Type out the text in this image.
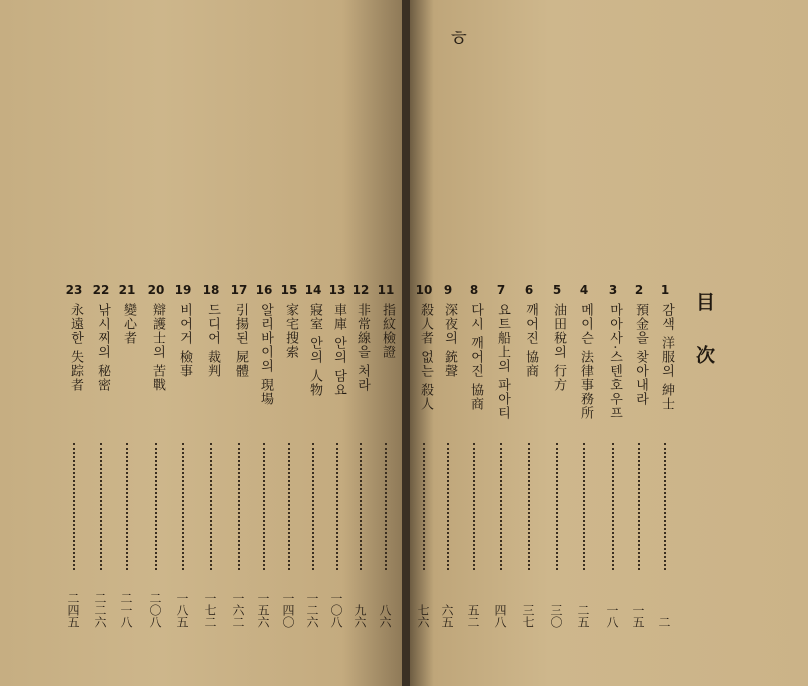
ㅎ
目次
1
감색 洋服의 紳士
二
2
預金을 찾아내라
一五
3
마아사·스텐호우프
一八
4
메이슨 法律事務所
二五
5
油田稅의 行方
三〇
6
깨어진 協商
三七
7
요트船上의 파아티
四八
8
다시 깨어진 協商
五二
9
深夜의 銃聲
六五
10
殺人者 없는 殺人
七六
11
指紋檢證
八六
12
非常線을 처라
九六
13
車庫 안의 담요
一〇八
14
寢室 안의 人物
一二六
15
家宅搜索
一四〇
16
알리바이의 現場
一五六
17
引揚된 屍體
一六二
18
드디어 裁判
一七二
19
비어거 檢事
一八五
20
辯護士의 苦戰
二〇八
21
變心者
二一八
22
낚시찌의 秘密
二二六
23
永遠한 失踪者
二四五
